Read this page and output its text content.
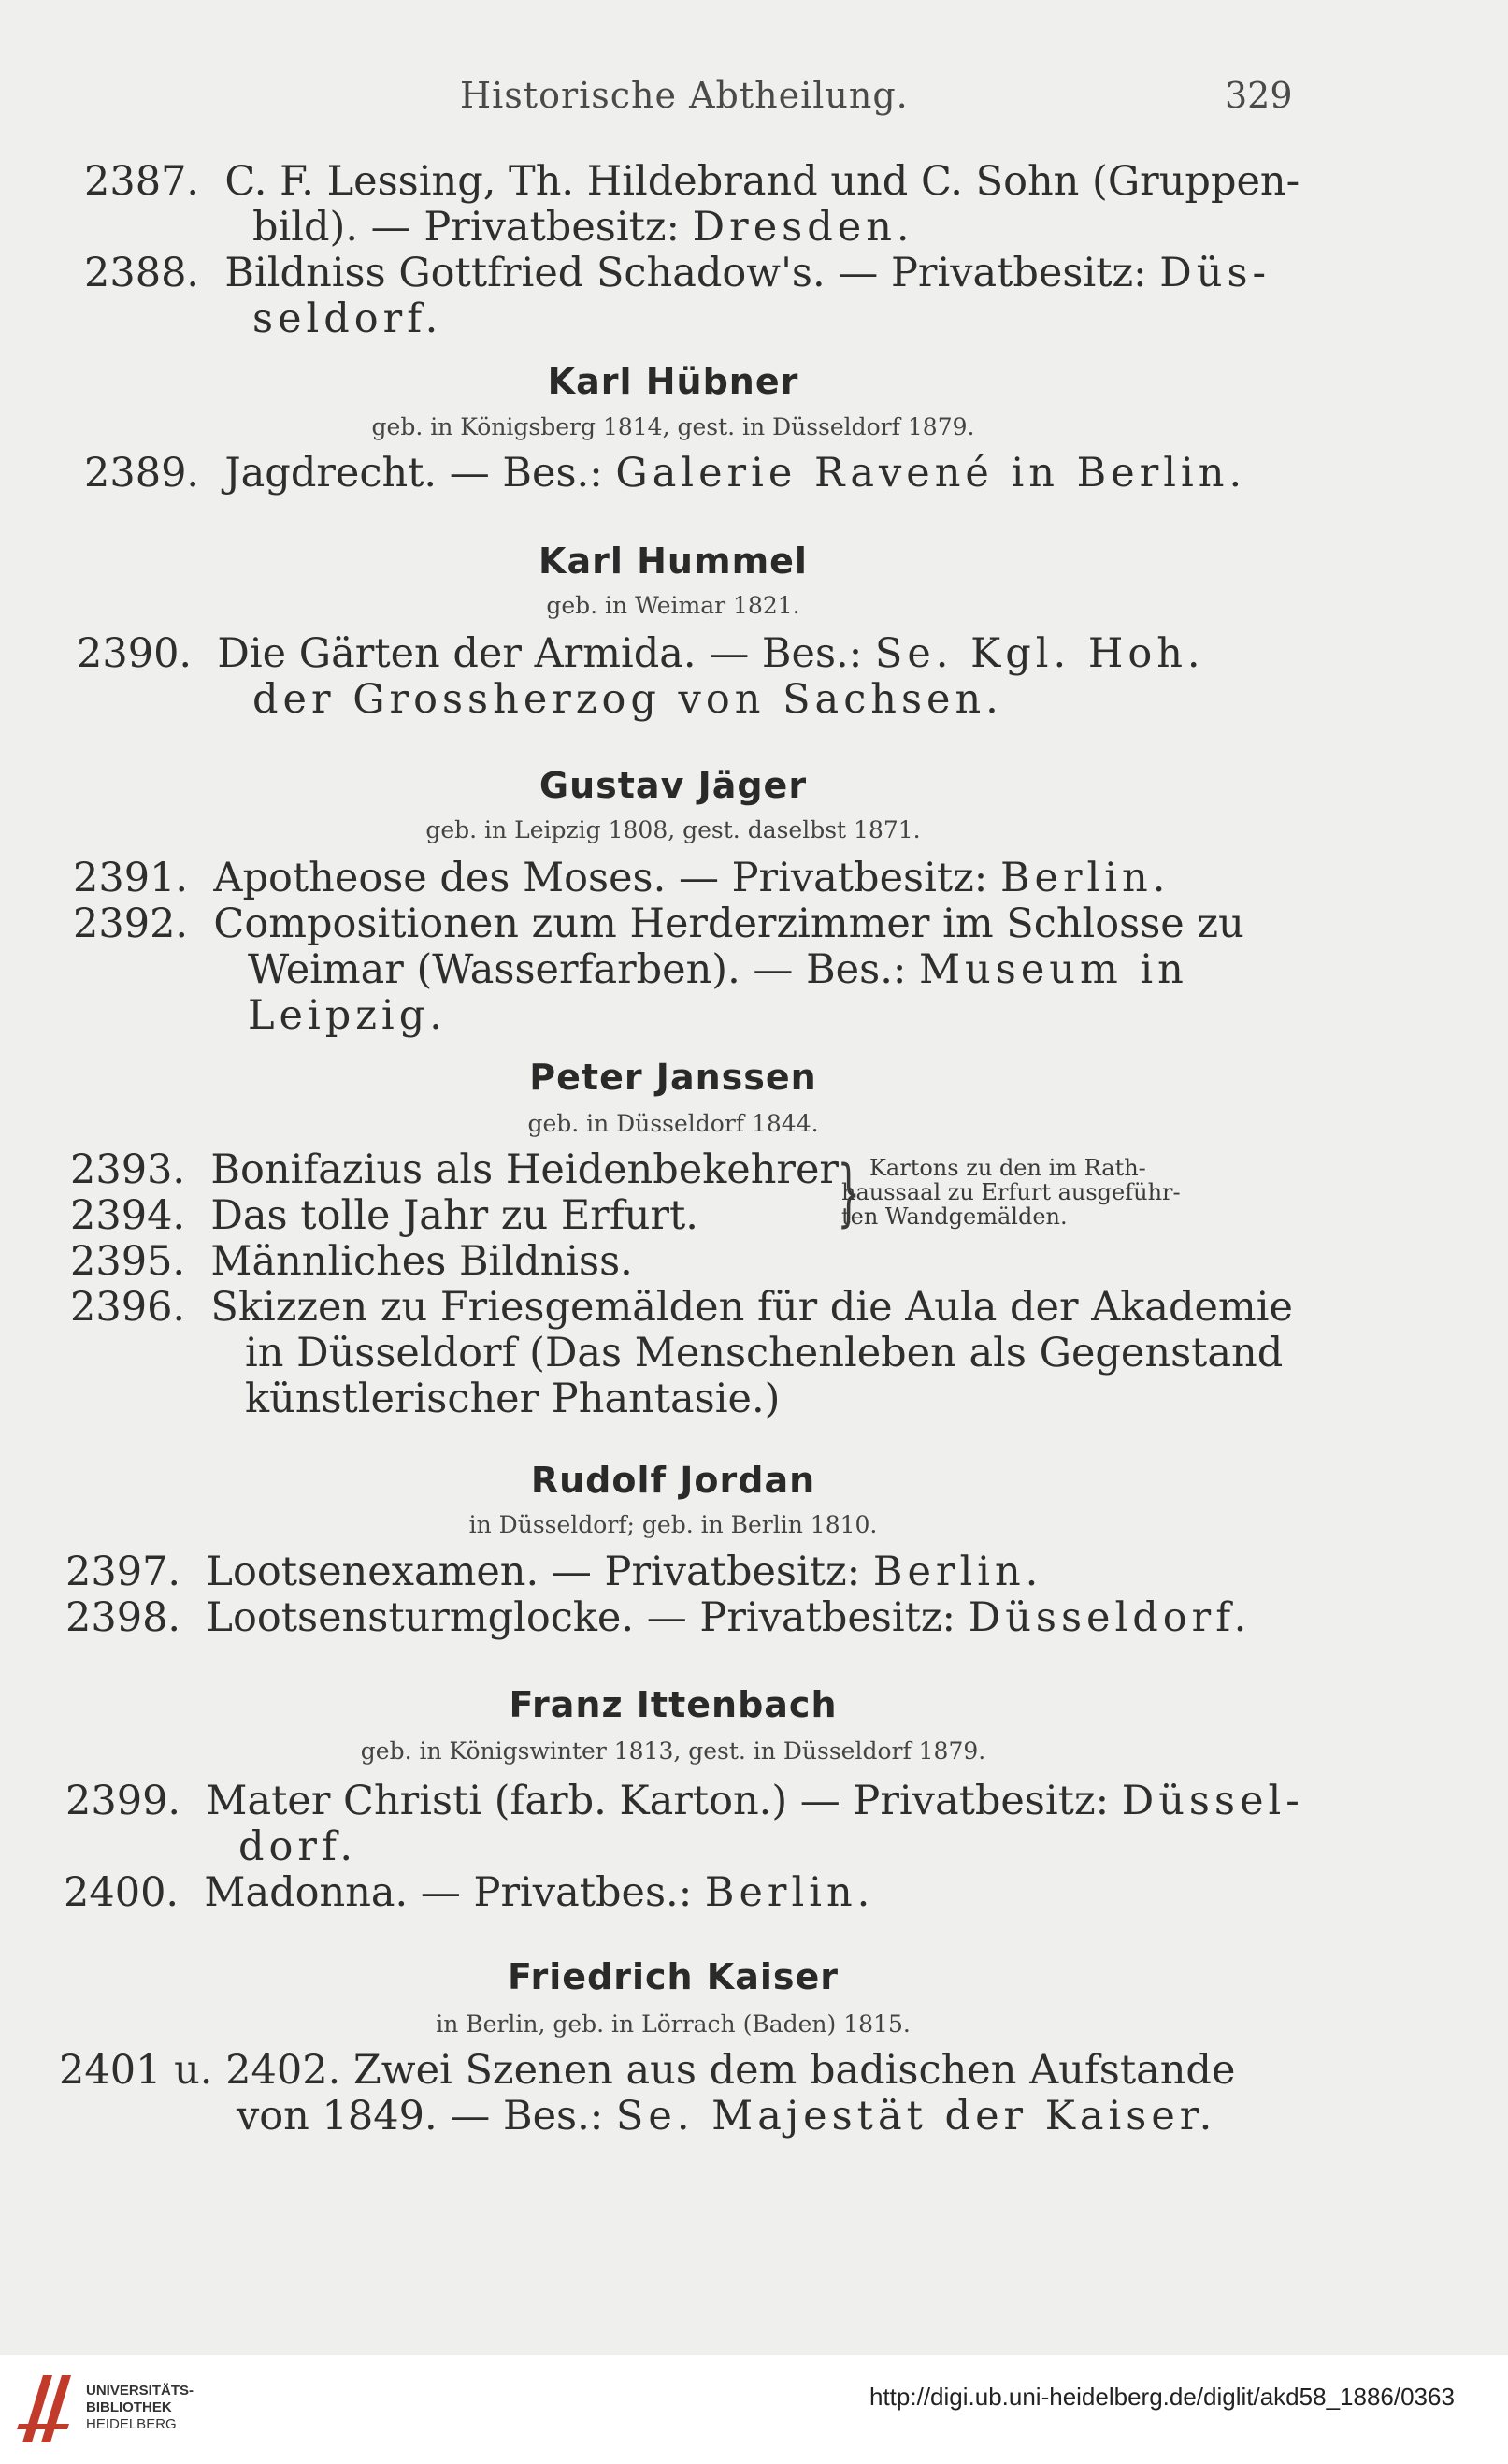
Historische Abtheilung.	329
2387.  C. F. Lessing, Th. Hildebrand und C. Sohn (Gruppen-
bild). — Privatbesitz: Dresden.
2388.  Bildniss Gottfried Schadow's. — Privatbesitz: Düs-
seldorf.
2389.  Jagdrecht. — Bes.: Galerie Ravené in Berlin.
2390.  Die Gärten der Armida. — Bes.: Se. Kgl. Hoh.
der Grossherzog von Sachsen.
2391.  Apotheose des Moses. — Privatbesitz: Berlin.
2392.  Compositionen zum Herderzimmer im Schlosse zu
Weimar (Wasserfarben). — Bes.: Museum in
Leipzig.
2393.  Bonifazius als Heidenbekehrer
2394.  Das tolle Jahr zu Erfurt.
2395.  Männliches Bildniss.
2396.  Skizzen zu Friesgemälden für die Aula der Akademie
in Düsseldorf (Das Menschenleben als Gegenstand
künstlerischer Phantasie.)
2397.  Lootsenexamen. — Privatbesitz: Berlin.
2398.  Lootsensturmglocke. — Privatbesitz: Düsseldorf.
2399.  Mater Christi (farb. Karton.) — Privatbesitz: Düssel-
dorf.
2400.  Madonna. — Privatbes.: Berlin.
2401 u. 2402. Zwei Szenen aus dem badischen Aufstande
von 1849. — Bes.: Se. Majestät der Kaiser.
Karl Hübner
geb. in Königsberg 1814, gest. in Düsseldorf 1879.
Karl Hummel
geb. in Weimar 1821.
Gustav Jäger
geb. in Leipzig 1808, gest. daselbst 1871.
Peter Janssen
geb. in Düsseldorf 1844.
Rudolf Jordan
in Düsseldorf; geb. in Berlin 1810.
Franz Ittenbach
geb. in Königswinter 1813, gest. in Düsseldorf 1879.
Friedrich Kaiser
in Berlin, geb. in Lörrach (Baden) 1815.
} Kartons zu den im Rath-
haussaal zu Erfurt ausgeführ-
ten Wandgemälden.
UNIVERSITÄTS-
BIBLIOTHEK
HEIDELBERG
http://digi.ub.uni-heidelberg.de/diglit/akd58_1886/0363
